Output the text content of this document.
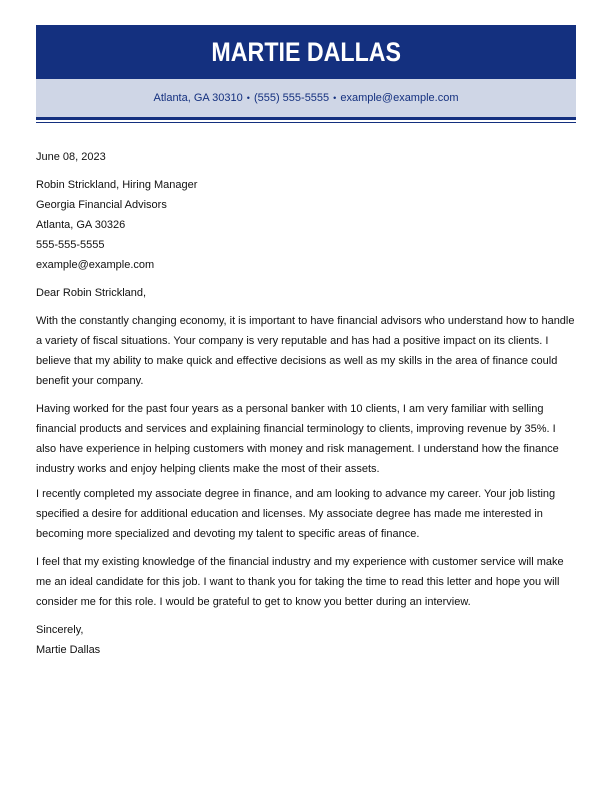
MARTIE DALLAS
Atlanta, GA 30310 • (555) 555-5555 • example@example.com
June 08, 2023
Robin Strickland, Hiring Manager
Georgia Financial Advisors
Atlanta, GA 30326
555-555-5555
example@example.com
Dear Robin Strickland,

With the constantly changing economy, it is important to have financial advisors who understand how to handle a variety of fiscal situations. Your company is very reputable and has had a positive impact on its clients. I believe that my ability to make quick and effective decisions as well as my skills in the area of finance could benefit your company.

Having worked for the past four years as a personal banker with 10 clients, I am very familiar with selling financial products and services and explaining financial terminology to clients, improving revenue by 35%. I also have experience in helping customers with money and risk management. I understand how the finance industry works and enjoy helping clients make the most of their assets.

I recently completed my associate degree in finance, and am looking to advance my career. Your job listing specified a desire for additional education and licenses. My associate degree has made me interested in becoming more specialized and devoting my talent to specific areas of finance.

I feel that my existing knowledge of the financial industry and my experience with customer service will make me an ideal candidate for this job. I want to thank you for taking the time to read this letter and hope you will consider me for this role. I would be grateful to get to know you better during an interview.

Sincerely,
Martie Dallas
